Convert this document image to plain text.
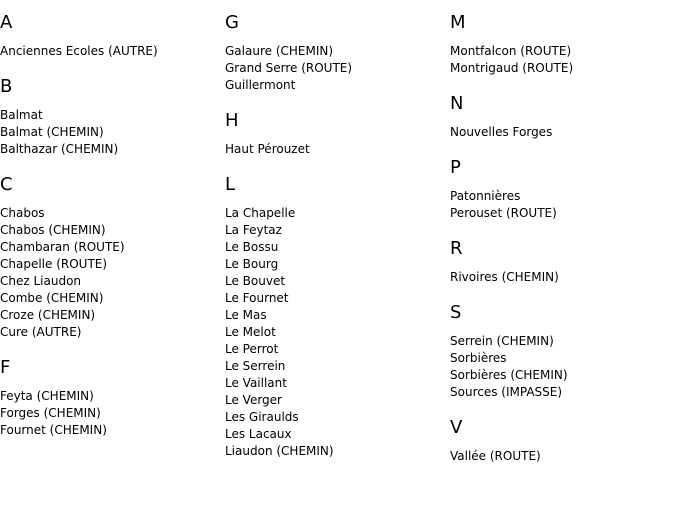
A
Anciennes Ecoles (AUTRE)
B
Balmat
Balmat (CHEMIN)
Balthazar (CHEMIN)
C
Chabos
Chabos (CHEMIN)
Chambaran (ROUTE)
Chapelle (ROUTE)
Chez Liaudon
Combe (CHEMIN)
Croze (CHEMIN)
Cure (AUTRE)
F
Feyta (CHEMIN)
Forges (CHEMIN)
Fournet (CHEMIN)
G
Galaure (CHEMIN)
Grand Serre (ROUTE)
Guillermont
H
Haut Pérouzet
L
La Chapelle
La Feytaz
Le Bossu
Le Bourg
Le Bouvet
Le Fournet
Le Mas
Le Melot
Le Perrot
Le Serrein
Le Vaillant
Le Verger
Les Giraulds
Les Lacaux
Liaudon (CHEMIN)
M
Montfalcon (ROUTE)
Montrigaud (ROUTE)
N
Nouvelles Forges
P
Patonnières
Perouset (ROUTE)
R
Rivoires (CHEMIN)
S
Serrein (CHEMIN)
Sorbières
Sorbières (CHEMIN)
Sources (IMPASSE)
V
Vallée (ROUTE)
